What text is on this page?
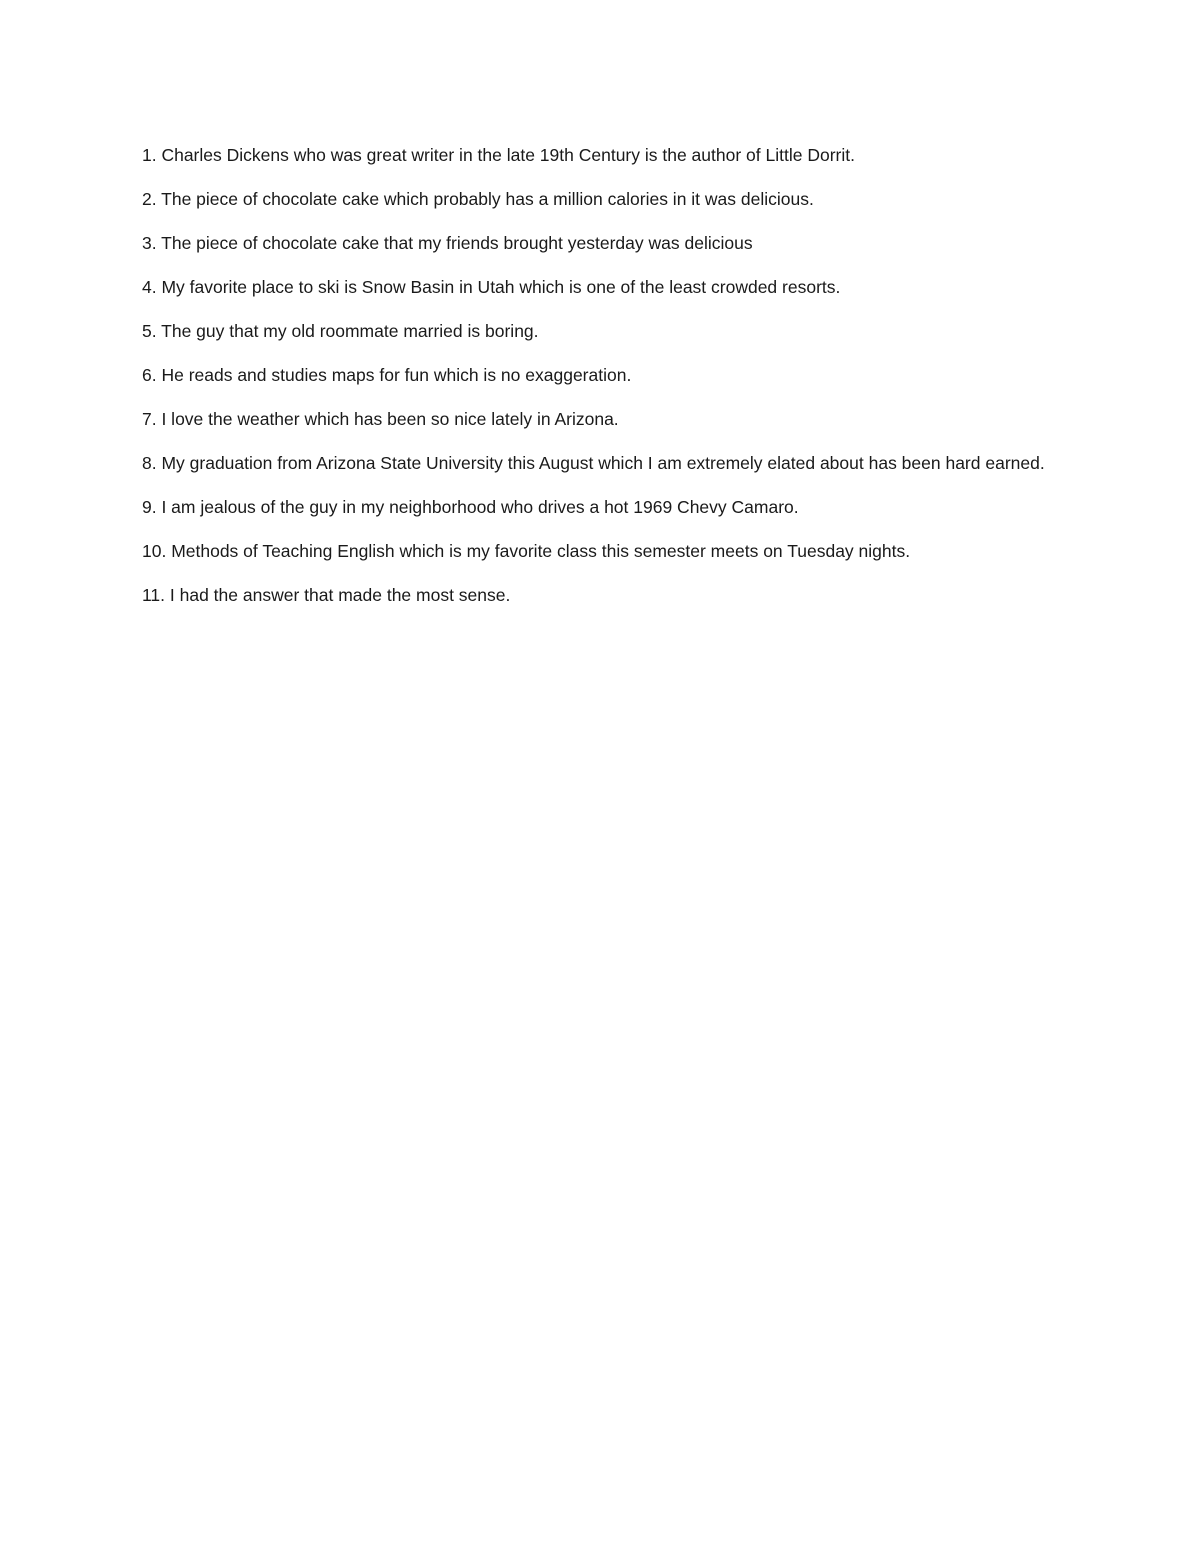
1. Charles Dickens who was great writer in the late 19th Century is the author of Little Dorrit.
2. The piece of chocolate cake which probably has a million calories in it was delicious.
3. The piece of chocolate cake that my friends brought yesterday was delicious
4. My favorite place to ski is Snow Basin in Utah which is one of the least crowded resorts.
5. The guy that my old roommate married is boring.
6. He reads and studies maps for fun which is no exaggeration.
7. I love the weather which has been so nice lately in Arizona.
8. My graduation from Arizona State University this August which I am extremely elated about has been hard earned.
9. I am jealous of the guy in my neighborhood who drives a hot 1969 Chevy Camaro.
10. Methods of Teaching English which is my favorite class this semester meets on Tuesday nights.
11. I had the answer that made the most sense.
